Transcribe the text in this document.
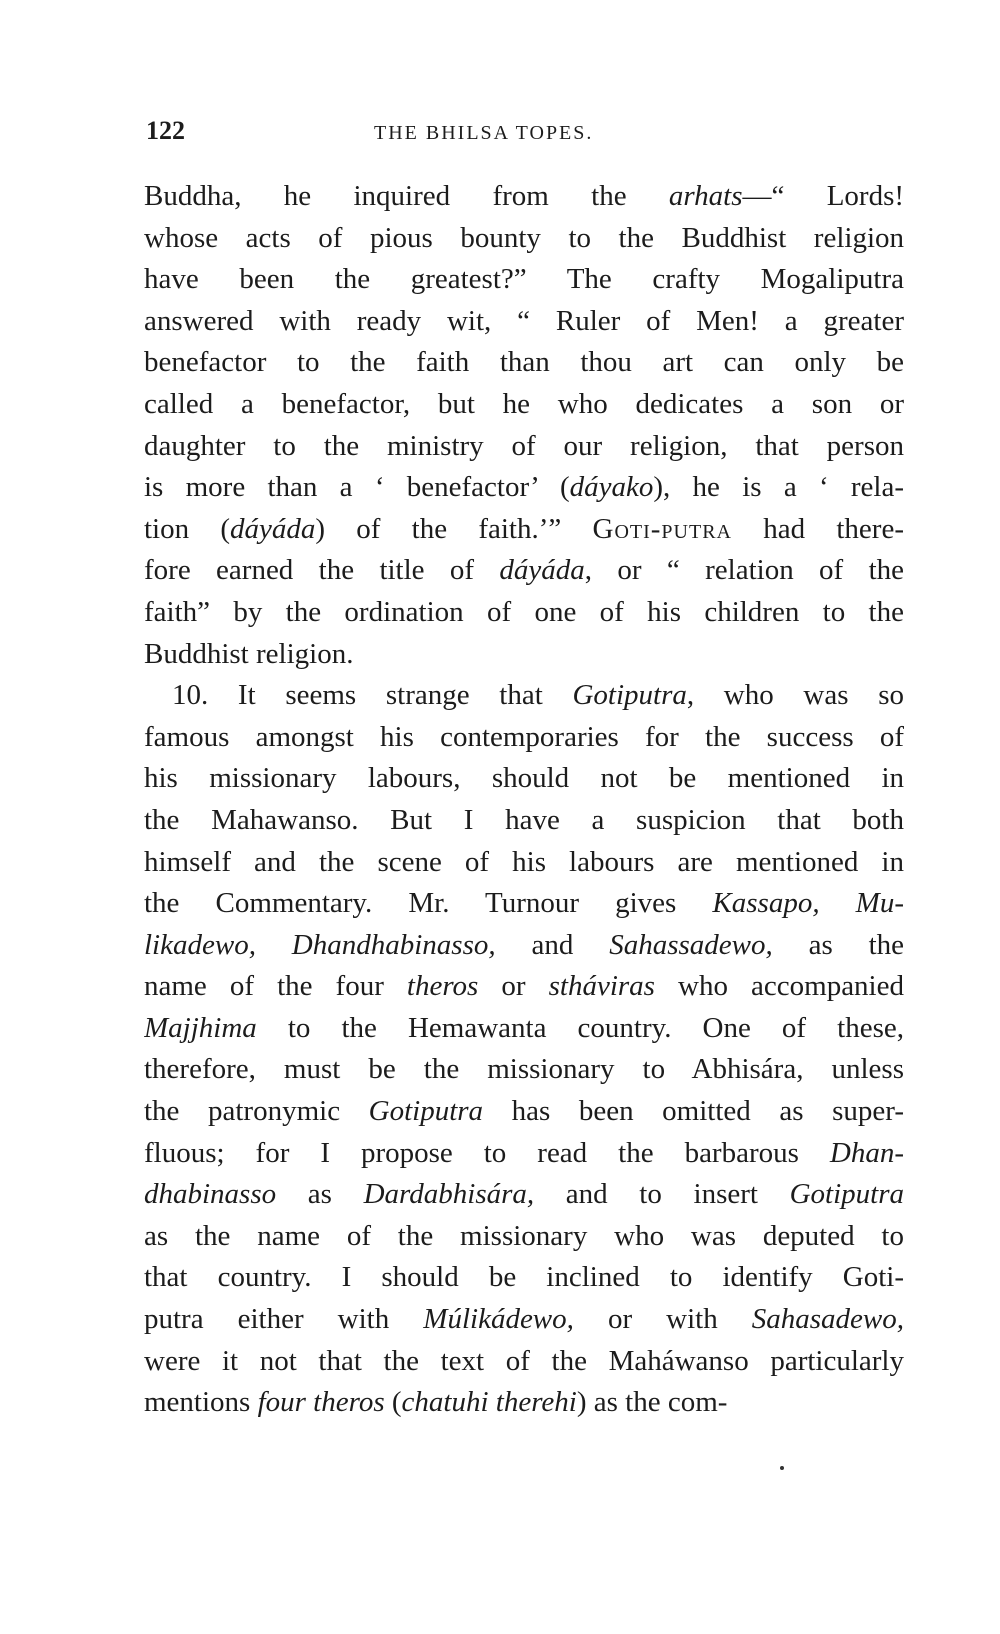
122	THE BHILSA TOPES.
Buddha, he inquired from the arhats—“ Lords!
whose acts of pious bounty to the Buddhist religion
have been the greatest?” The crafty Mogaliputra
answered with ready wit, “ Ruler of Men! a greater
benefactor to the faith than thou art can only be
called a benefactor, but he who dedicates a son or
daughter to the ministry of our religion, that person
is more than a ‘ benefactor’ (dáyako), he is a ‘ rela-
tion (dáyáda) of the faith.’” Goti-putra had there-
fore earned the title of dáyáda, or “ relation of the
faith” by the ordination of one of his children to the
Buddhist religion.
10. It seems strange that Gotiputra, who was so
famous amongst his contemporaries for the success of
his missionary labours, should not be mentioned in
the Mahawanso. But I have a suspicion that both
himself and the scene of his labours are mentioned in
the Commentary. Mr. Turnour gives Kassapo, Mu-
likadewo, Dhandhabinasso, and Sahassadewo, as the
name of the four theros or stháviras who accompanied
Majjhima to the Hemawanta country. One of these,
therefore, must be the missionary to Abhisára, unless
the patronymic Gotiputra has been omitted as super-
fluous; for I propose to read the barbarous Dhan-
dhabinasso as Dardabhisára, and to insert Gotiputra
as the name of the missionary who was deputed to
that country. I should be inclined to identify Goti-
putra either with Múlikádewo, or with Sahasadewo,
were it not that the text of the Maháwanso particularly
mentions four theros (chatuhi therehi) as the com-
